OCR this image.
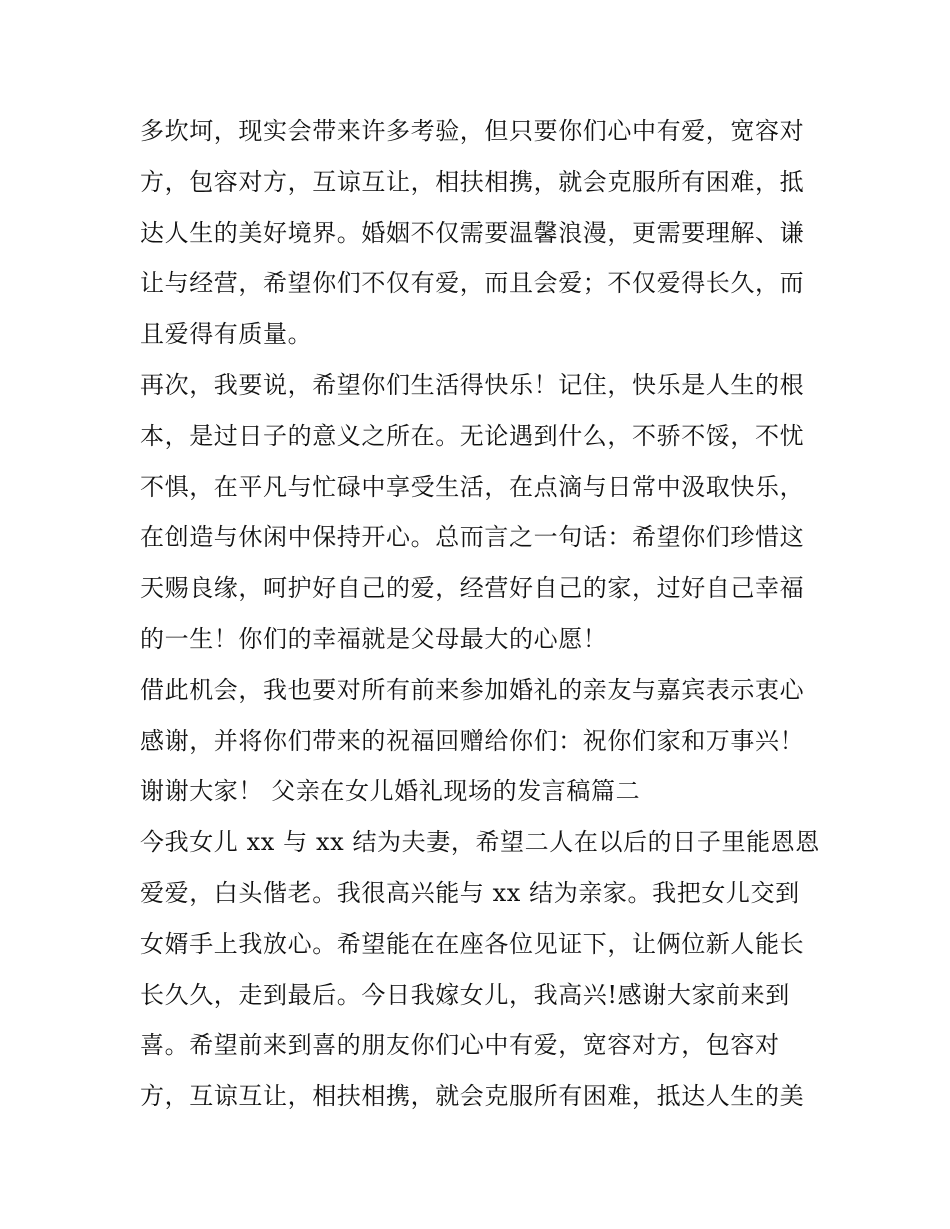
多坎坷，现实会带来许多考验，但只要你们心中有爱，宽容对
方，包容对方，互谅互让，相扶相携，就会克服所有困难，抵
达人生的美好境界。婚姻不仅需要温馨浪漫，更需要理解、谦
让与经营，希望你们不仅有爱，而且会爱；不仅爱得长久，而
且爱得有质量。
再次，我要说，希望你们生活得快乐！记住，快乐是人生的根
本，是过日子的意义之所在。无论遇到什么，不骄不馁，不忧
不惧，在平凡与忙碌中享受生活，在点滴与日常中汲取快乐，
在创造与休闲中保持开心。总而言之一句话：希望你们珍惜这
天赐良缘，呵护好自己的爱，经营好自己的家，过好自己幸福
的一生！你们的幸福就是父母最大的心愿！
借此机会，我也要对所有前来参加婚礼的亲友与嘉宾表示衷心
感谢，并将你们带来的祝福回赠给你们：祝你们家和万事兴！
谢谢大家！ 父亲在女儿婚礼现场的发言稿篇二
今我女儿 xx 与 xx 结为夫妻，希望二人在以后的日子里能恩恩
爱爱，白头偕老。我很高兴能与 xx 结为亲家。我把女儿交到
女婿手上我放心。希望能在在座各位见证下，让俩位新人能长
长久久，走到最后。今日我嫁女儿，我高兴!感谢大家前来到
喜。希望前来到喜的朋友你们心中有爱，宽容对方，包容对
方，互谅互让，相扶相携，就会克服所有困难，抵达人生的美
